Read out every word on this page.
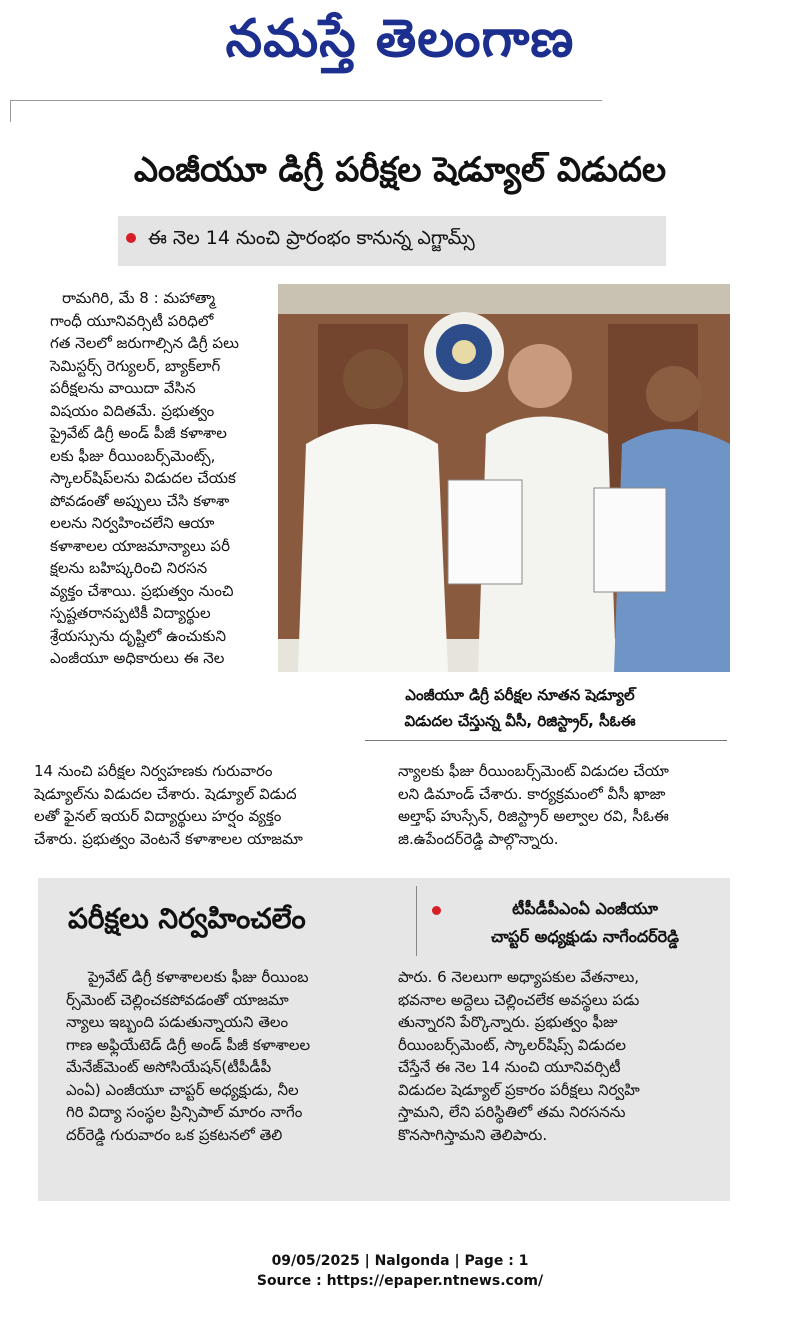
నమస్తే తెలంగాణ
ఎంజీయూ డిగ్రీ పరీక్షల షెడ్యూల్ విడుదల
ఈ నెల 14 నుంచి ప్రారంభం కానున్న ఎగ్జామ్స్

రామగిరి, మే 8 : మహాత్మా

గాంధీ యూనివర్సిటీ పరిధిలో

గత నెలలో జరుగాల్సిన డిగ్రీ పలు

సెమిస్టర్స్ రెగ్యులర్, బ్యాక్‌లాగ్

పరీక్షలను వాయిదా వేసిన

విషయం విదితమే. ప్రభుత్వం

ప్రైవేట్ డిగ్రీ అండ్ పీజీ కళాశాల

లకు ఫీజు రీయింబర్స్‌మెంట్స్,

స్కాలర్‌షిప్‌లను విడుదల చేయక

పోవడంతో అప్పులు చేసి కళాశా

లలను నిర్వహించలేని ఆయా

కళాశాలల యాజమాన్యాలు పరీ

క్షలను బహిష్కరించి నిరసన

వ్యక్తం చేశాయి. ప్రభుత్వం నుంచి

స్పష్టతరానప్పటికీ విద్యార్థుల

శ్రేయస్సును దృష్టిలో ఉంచుకుని

ఎంజీయూ అధికారులు ఈ నెల

ఎంజీయూ డిగ్రీ పరీక్షల నూతన షెడ్యూల్
విడుదల చేస్తున్న వీసీ, రిజిస్ట్రార్, సీఓఈ

14 నుంచి పరీక్షల నిర్వహణకు గురువారం

షెడ్యూల్‌ను విడుదల చేశారు. షెడ్యూల్ విడుద

లతో ఫైనల్ ఇయర్ విద్యార్థులు హర్షం వ్యక్తం

చేశారు. ప్రభుత్వం వెంటనే కళాశాలల యాజమా

న్యాలకు ఫీజు రీయింబర్స్‌మెంట్ విడుదల చేయా

లని డిమాండ్ చేశారు. కార్యక్రమంలో వీసీ ఖాజా

అల్తాఫ్ హుస్సేన్, రిజిస్ట్రార్ అల్వాల రవి, సీఓఈ

జి.ఉపేందర్‌రెడ్డి పాల్గొన్నారు.

పరీక్షలు నిర్వహించలేం	టీపీడీపీఎంఏ ఎంజీయూ
చాప్టర్ అధ్యక్షుడు నాగేందర్‌రెడ్డి

ప్రైవేట్ డిగ్రీ కళాశాలలకు ఫీజు రీయింబ

ర్స్‌మెంట్ చెల్లించకపోవడంతో యాజమా

న్యాలు ఇబ్బంది పడుతున్నాయని తెలం

గాణ అఫ్లియేటెడ్ డిగ్రీ అండ్ పీజీ కళాశాలల

మేనేజ్‌మెంట్ అసోసియేషన్(టీపీడీపీ

ఎంఏ) ఎంజీయూ చాప్టర్ అధ్యక్షుడు, నీల

గిరి విద్యా సంస్థల ప్రిన్సిపాల్ మారం నాగేం

దర్‌రెడ్డి గురువారం ఒక ప్రకటనలో తెలి

పారు. 6 నెలలుగా అధ్యాపకుల వేతనాలు,

భవనాల అద్దెలు చెల్లించలేక అవస్థలు పడు

తున్నారని పేర్కొన్నారు. ప్రభుత్వం ఫీజు

రీయింబర్స్‌మెంట్, స్కాలర్‌షిప్స్ విడుదల

చేస్తేనే ఈ నెల 14 నుంచి యూనివర్సిటీ

విడుదల షెడ్యూల్ ప్రకారం పరీక్షలు నిర్వహి

స్తామని, లేని పరిస్థితిలో తమ నిరసనను

కొనసాగిస్తామని తెలిపారు.

09/05/2025 | Nalgonda | Page : 1
Source : https://epaper.ntnews.com/
